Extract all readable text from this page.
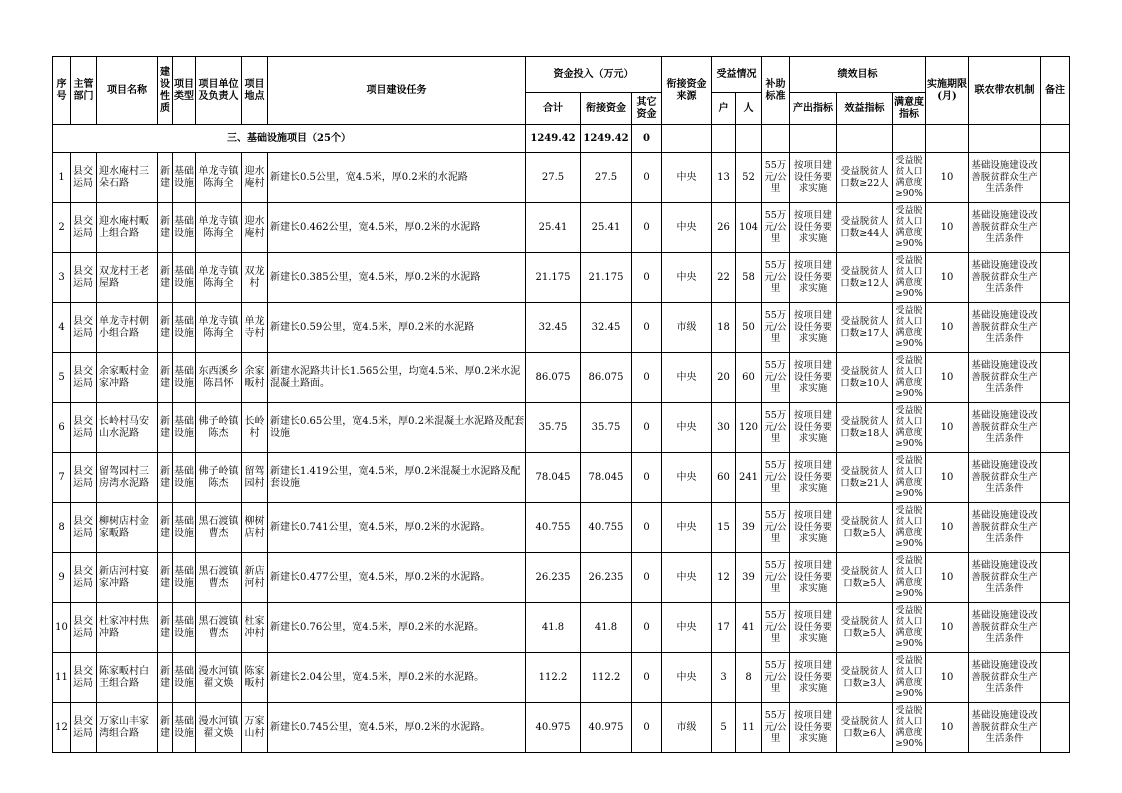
序号	主管部门	项目名称	建设性质	项目类型	项目单位及负责人	项目地点	项目建设任务	资金投入（万元）			衔接资金来源	受益情况		补助标准	绩效目标			实施期限(月)	联农带农机制	备注
								合计	衔接资金	其它资金		户	人		产出指标	效益指标	满意度指标			
三、基础设施项目（25个）								1249.42	1249.42	0										
1	县交运局	迎水庵村三朵石路	新建	基础设施	单龙寺镇陈海全	迎水庵村	新建长0.5公里，宽4.5米，厚0.2米的水泥路	27.5	27.5	0	中央	13	52	55万元/公里	按项目建设任务要求实施	受益脱贫人口数≥22人	受益脱贫人口满意度≥90%	10	基础设施建设改善脱贫群众生产生活条件	
2	县交运局	迎水庵村畈上组合路	新建	基础设施	单龙寺镇陈海全	迎水庵村	新建长0.462公里，宽4.5米，厚0.2米的水泥路	25.41	25.41	0	中央	26	104	55万元/公里	按项目建设任务要求实施	受益脱贫人口数≥44人	受益脱贫人口满意度≥90%	10	基础设施建设改善脱贫群众生产生活条件	
3	县交运局	双龙村王老屋路	新建	基础设施	单龙寺镇陈海全	双龙村	新建长0.385公里，宽4.5米，厚0.2米的水泥路	21.175	21.175	0	中央	22	58	55万元/公里	按项目建设任务要求实施	受益脱贫人口数≥12人	受益脱贫人口满意度≥90%	10	基础设施建设改善脱贫群众生产生活条件	
4	县交运局	单龙寺村朝小组合路	新建	基础设施	单龙寺镇陈海全	单龙寺村	新建长0.59公里，宽4.5米，厚0.2米的水泥路	32.45	32.45	0	市级	18	50	55万元/公里	按项目建设任务要求实施	受益脱贫人口数≥17人	受益脱贫人口满意度≥90%	10	基础设施建设改善脱贫群众生产生活条件	
5	县交运局	余家畈村金家冲路	新建	基础设施	东西溪乡陈昌怀	余家畈村	新建水泥路共计长1.565公里，均宽4.5米、厚0.2米水泥混凝土路面。	86.075	86.075	0	中央	20	60	55万元/公里	按项目建设任务要求实施	受益脱贫人口数≥10人	受益脱贫人口满意度≥90%	10	基础设施建设改善脱贫群众生产生活条件	
6	县交运局	长岭村马安山水泥路	新建	基础设施	佛子岭镇陈杰	长岭村	新建长0.65公里，宽4.5米，厚0.2米混凝土水泥路及配套设施	35.75	35.75	0	中央	30	120	55万元/公里	按项目建设任务要求实施	受益脱贫人口数≥18人	受益脱贫人口满意度≥90%	10	基础设施建设改善脱贫群众生产生活条件	
7	县交运局	留驾园村三房湾水泥路	新建	基础设施	佛子岭镇陈杰	留驾园村	新建长1.419公里，宽4.5米，厚0.2米混凝土水泥路及配套设施	78.045	78.045	0	中央	60	241	55万元/公里	按项目建设任务要求实施	受益脱贫人口数≥21人	受益脱贫人口满意度≥90%	10	基础设施建设改善脱贫群众生产生活条件	
8	县交运局	柳树店村金家畈路	新建	基础设施	黑石渡镇曹杰	柳树店村	新建长0.741公里，宽4.5米，厚0.2米的水泥路。	40.755	40.755	0	中央	15	39	55万元/公里	按项目建设任务要求实施	受益脱贫人口数≥5人	受益脱贫人口满意度≥90%	10	基础设施建设改善脱贫群众生产生活条件	
9	县交运局	新店河村宴家冲路	新建	基础设施	黑石渡镇曹杰	新店河村	新建长0.477公里，宽4.5米，厚0.2米的水泥路。	26.235	26.235	0	中央	12	39	55万元/公里	按项目建设任务要求实施	受益脱贫人口数≥5人	受益脱贫人口满意度≥90%	10	基础设施建设改善脱贫群众生产生活条件	
10	县交运局	杜家冲村焦冲路	新建	基础设施	黑石渡镇曹杰	杜家冲村	新建长0.76公里，宽4.5米，厚0.2米的水泥路。	41.8	41.8	0	中央	17	41	55万元/公里	按项目建设任务要求实施	受益脱贫人口数≥5人	受益脱贫人口满意度≥90%	10	基础设施建设改善脱贫群众生产生活条件	
11	县交运局	陈家畈村白王组合路	新建	基础设施	漫水河镇翟文焕	陈家畈村	新建长2.04公里，宽4.5米，厚0.2米的水泥路。	112.2	112.2	0	中央	3	8	55万元/公里	按项目建设任务要求实施	受益脱贫人口数≥3人	受益脱贫人口满意度≥90%	10	基础设施建设改善脱贫群众生产生活条件	
12	县交运局	万家山丰家湾组合路	新建	基础设施	漫水河镇翟文焕	万家山村	新建长0.745公里，宽4.5米，厚0.2米的水泥路。	40.975	40.975	0	市级	5	11	55万元/公里	按项目建设任务要求实施	受益脱贫人口数≥6人	受益脱贫人口满意度≥90%	10	基础设施建设改善脱贫群众生产生活条件	
